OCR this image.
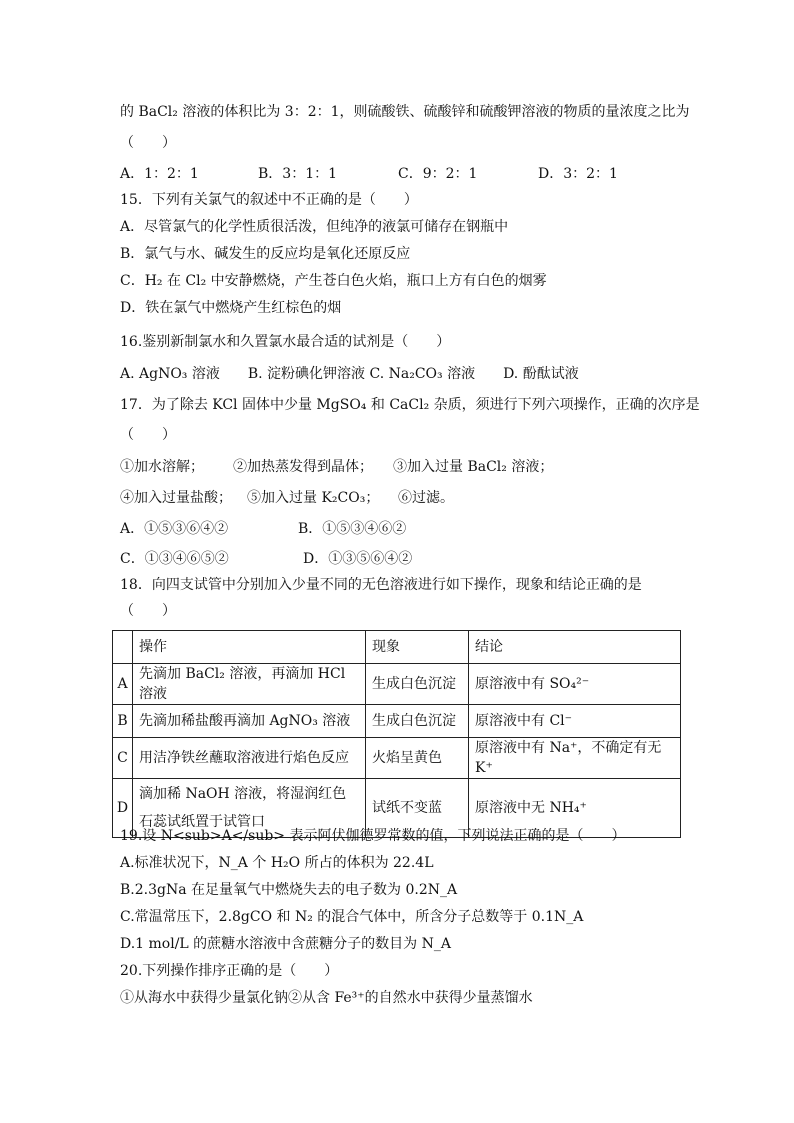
的 BaCl₂ 溶液的体积比为 3：2：1，则硫酸铁、硫酸锌和硫酸钾溶液的物质的量浓度之比为
（　　）
A．1：2：1	B．3：1：1	C．9：2：1	D．3：2：1
15．下列有关氯气的叙述中不正确的是（　　）
A．尽管氯气的化学性质很活泼，但纯净的液氯可储存在钢瓶中
B．氯气与水、碱发生的反应均是氧化还原反应
C．H₂ 在 Cl₂ 中安静燃烧，产生苍白色火焰，瓶口上方有白色的烟雾
D．铁在氯气中燃烧产生红棕色的烟
16.鉴别新制氯水和久置氯水最合适的试剂是（　　）
A. AgNO₃ 溶液　　B. 淀粉碘化钾溶液 C. Na₂CO₃ 溶液　　D. 酚酞试液
17．为了除去 KCl 固体中少量 MgSO₄ 和 CaCl₂ 杂质，须进行下列六项操作，正确的次序是
（　　）
①加水溶解； ②加热蒸发得到晶体； ③加入过量 BaCl₂ 溶液；
④加入过量盐酸； ⑤加入过量 K₂CO₃； ⑥过滤。
A．①⑤③⑥④②	B．①⑤③④⑥②
C．①③④⑥⑤②	D．①③⑤⑥④②
18．向四支试管中分别加入少量不同的无色溶液进行如下操作，现象和结论正确的是
（　　）
	操作	现象	结论
A	先滴加 BaCl₂ 溶液，再滴加 HCl 溶液	生成白色沉淀	原溶液中有 SO₄²⁻
B	先滴加稀盐酸再滴加 AgNO₃ 溶液	生成白色沉淀	原溶液中有 Cl⁻
C	用洁净铁丝蘸取溶液进行焰色反应	火焰呈黄色	原溶液中有 Na⁺，不确定有无 K⁺
D	滴加稀 NaOH 溶液，将湿润红色石蕊试纸置于试管口	试纸不变蓝	原溶液中无 NH₄⁺
19.设 N<sub>A</sub> 表示阿伏伽德罗常数的值，下列说法正确的是（　　）
A.标准状况下，N_A 个 H₂O 所占的体积为 22.4L
B.2.3gNa 在足量氧气中燃烧失去的电子数为 0.2N_A
C.常温常压下，2.8gCO 和 N₂ 的混合气体中，所含分子总数等于 0.1N_A
D.1 mol/L 的蔗糖水溶液中含蔗糖分子的数目为 N_A
20.下列操作排序正确的是（　　）
①从海水中获得少量氯化钠②从含 Fe³⁺的自然水中获得少量蒸馏水
